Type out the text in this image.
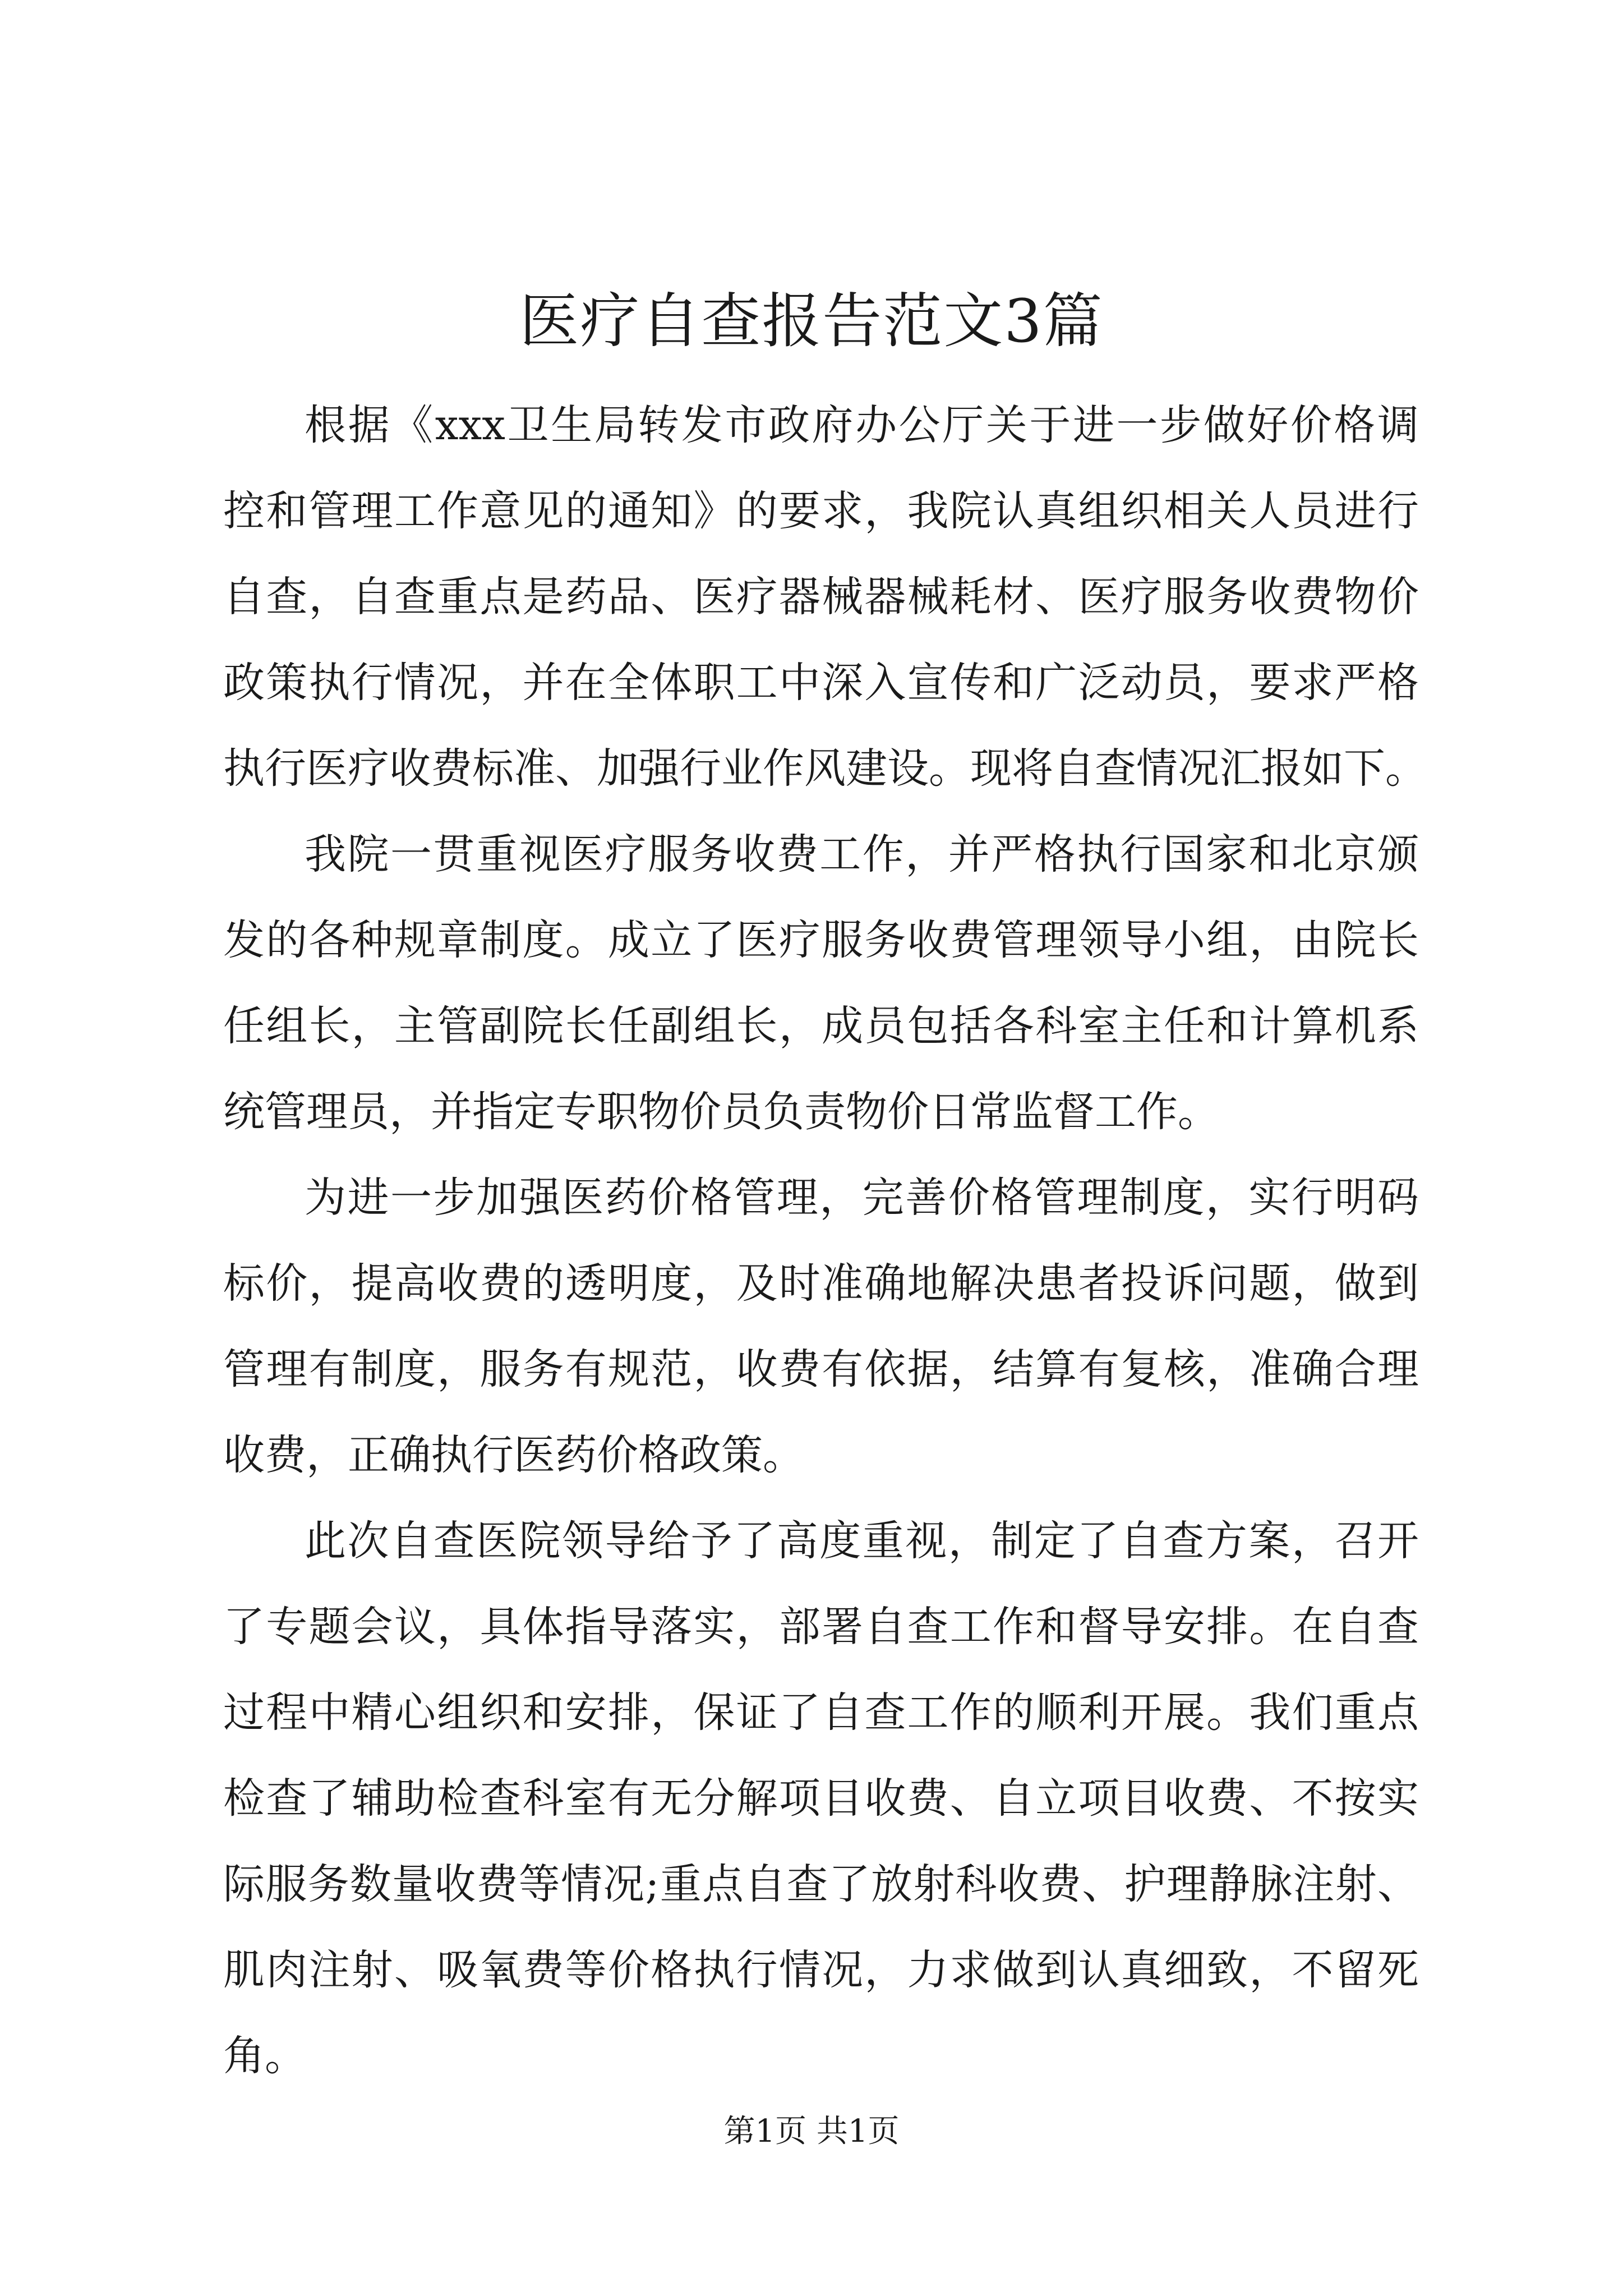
医疗自查报告范文3篇
根据《xxx卫生局转发市政府办公厅关于进一步做好价格调
控和管理工作意见的通知》的要求，我院认真组织相关人员进行
自查，自查重点是药品、医疗器械器械耗材、医疗服务收费物价
政策执行情况，并在全体职工中深入宣传和广泛动员，要求严格
执行医疗收费标准、加强行业作风建设。现将自查情况汇报如下。
我院一贯重视医疗服务收费工作，并严格执行国家和北京颁
发的各种规章制度。成立了医疗服务收费管理领导小组，由院长
任组长，主管副院长任副组长，成员包括各科室主任和计算机系
统管理员，并指定专职物价员负责物价日常监督工作。
为进一步加强医药价格管理，完善价格管理制度，实行明码
标价，提高收费的透明度，及时准确地解决患者投诉问题，做到
管理有制度，服务有规范，收费有依据，结算有复核，准确合理
收费，正确执行医药价格政策。
此次自查医院领导给予了高度重视，制定了自查方案，召开
了专题会议，具体指导落实，部署自查工作和督导安排。在自查
过程中精心组织和安排，保证了自查工作的顺利开展。我们重点
检查了辅助检查科室有无分解项目收费、自立项目收费、不按实
际服务数量收费等情况;重点自查了放射科收费、护理静脉注射、
肌肉注射、吸氧费等价格执行情况，力求做到认真细致，不留死
角。
第1页 共1页
